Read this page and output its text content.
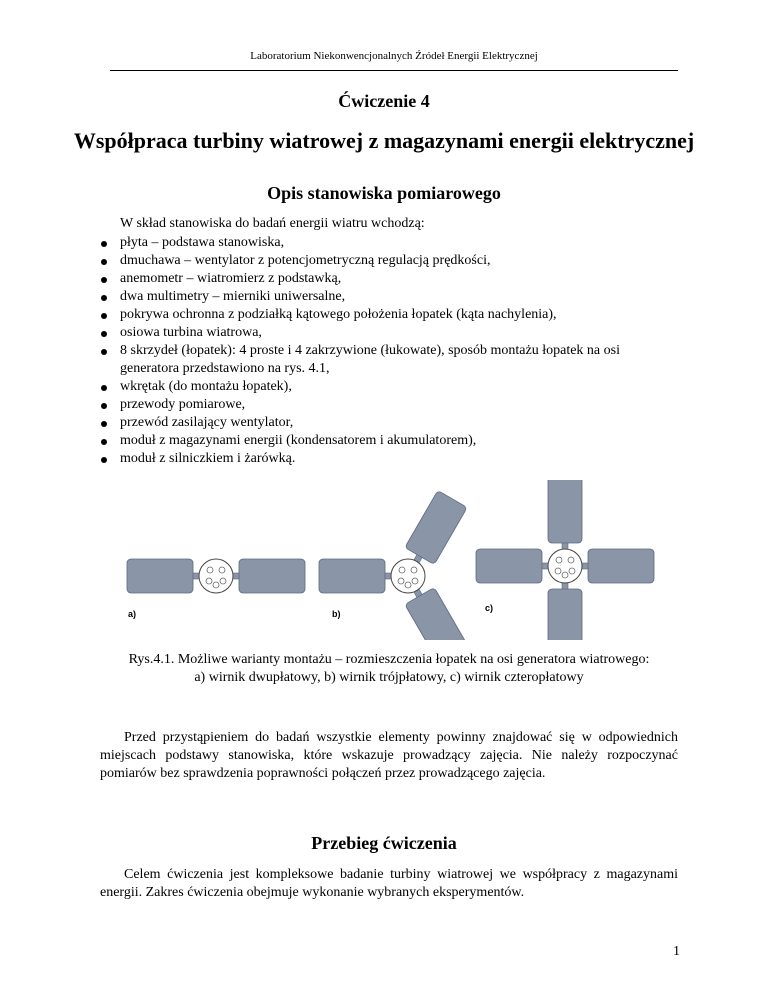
Laboratorium Niekonwencjonalnych Źródeł Energii Elektrycznej
Ćwiczenie 4
Współpraca turbiny wiatrowej z magazynami energii elektrycznej
Opis stanowiska pomiarowego
W skład stanowiska do badań energii wiatru wchodzą:
płyta – podstawa stanowiska,
dmuchawa – wentylator z potencjometryczną regulacją prędkości,
anemometr – wiatromierz z podstawką,
dwa multimetry – mierniki uniwersalne,
pokrywa ochronna z podziałką kątowego położenia łopatek (kąta nachylenia),
osiowa turbina wiatrowa,
8 skrzydeł (łopatek): 4 proste i 4 zakrzywione (łukowate), sposób montażu łopatek na osi generatora przedstawiono na rys. 4.1,
wkrętak (do montażu łopatek),
przewody pomiarowe,
przewód zasilający wentylator,
moduł z magazynami energii (kondensatorem i akumulatorem),
moduł z silniczkiem i żarówką.
a)	b)
c)
Rys.4.1. Możliwe warianty montażu – rozmieszczenia łopatek na osi generatora wiatrowego:
a) wirnik dwupłatowy, b) wirnik trójpłatowy, c) wirnik czteropłatowy

Przed przystąpieniem do badań wszystkie elementy powinny znajdować się w odpowiednich miejscach podstawy stanowiska, które wskazuje prowadzący zajęcia. Nie należy rozpoczynać pomiarów bez sprawdzenia poprawności połączeń przez prowadzącego zajęcia.

Przebieg ćwiczenia

Celem ćwiczenia jest kompleksowe badanie turbiny wiatrowej we współpracy z magazynami energii. Zakres ćwiczenia obejmuje wykonanie wybranych eksperymentów.

1
